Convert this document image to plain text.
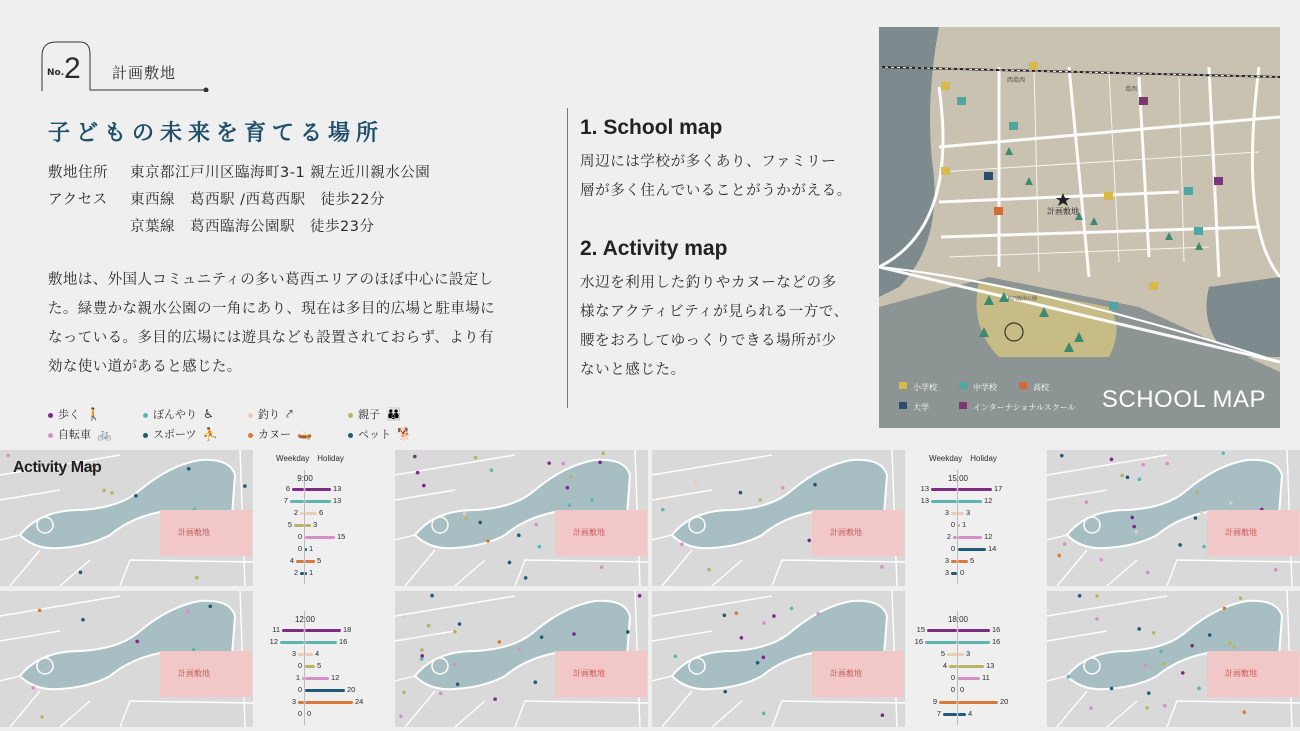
No. 2 計画敷地
子どもの未来を育てる場所
敷地住所 東京都江戸川区臨海町3-1 親左近川親水公園
アクセス 東西線　葛西駅 /西葛西駅　徒歩22分
京葉線　葛西臨海公園駅　徒歩23分
敷地は、外国人コミュニティの多い葛西エリアのほぼ中心に設定し
た。緑豊かな親水公園の一角にあり、現在は多目的広場と駐車場に
なっている。多目的広場には遊具なども設置されておらず、より有
効な使い道があると感じた。
1. School map
周辺には学校が多くあり、ファミリー
層が多く住んでいることがうかがえる。
2. Activity map
水辺を利用した釣りやカヌーなどの多
様なアクティビティが見られる一方で、
腰をおろしてゆっくりできる場所が少
ないと感じた。
歩く 🚶	ぼんやり ♿	釣り ⤤	親子 👪
自転車 🚲	スポーツ ⛹	カヌー 🛶	ペット 🐕
計画敷地
西葛西
葛西
葛西臨海公園
小学校	中学校	高校
大学	インターナショナルスクール SCHOOL MAP
Activity Map
計画敷地	計画敷地	計画敷地	計画敷地
計画敷地	計画敷地	計画敷地	計画敷地
Weekday Holiday
9:00
6	13
7	13
2	6
5	3
0	15
0 1
4	5
2 1
12:00
11	18
12	16
3	4
0 5
1	12
0	20
3	24
0 0
Weekday Holiday
15:00
13	17
13	12
3 3
0 1
2	12
0	14
3	5
3 0
18:00
15	16
16	16
5	3
4	13
0	11
0 0
9	20
7	4
